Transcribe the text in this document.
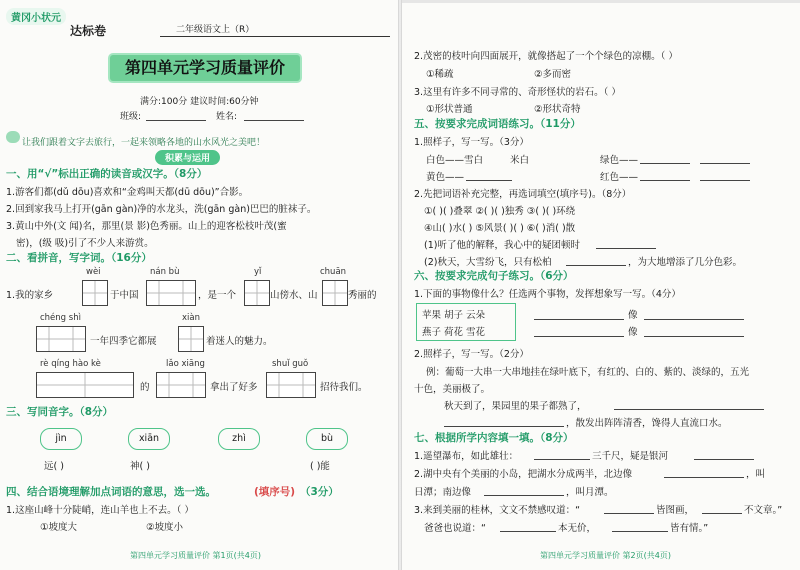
黄冈小状元
达标卷	二年级语文上（R）
第四单元学习质量评价
满分:100分 建议时间:60分钟
班级:	姓名:
让我们跟着文字去旅行，一起来领略各地的山水风光之美吧！
积累与运用
一、用“√”标出正确的读音或汉字。（8分）
1.游客们都(dǔ dōu)喜欢和“金鸡叫天都(dū dōu)”合影。
2.回到家我马上打开(gān gàn)净的水龙头，洗(gān gàn)巴巴的脏袜子。
3.黄山中外(文 闻)名，那里(景 影)色秀丽。山上的迎客松枝叶茂(蜜
密)，(级 吸)引了不少人来游赏。
二、看拼音，写字词。（16分）
wèi	nán bù	yǐ	chuān
1.我的家乡	于中国	，是一个	山傍水、山	秀丽的
chéng shì	xiàn
一年四季它都展	着迷人的魅力。
rè qíng hào kè	lǎo xiāng	shuǐ guǒ
的	拿出了好多	招待我们。
三、写同音字。（8分）
jìn	xiān	zhì	bù
远( )	神( )	( )能
四、结合语境理解加点词语的意思，选一选。	(填序号) （3分）
1.这座山峰十分陡峭，连山羊也上不去。（ ）
①坡度大	②坡度小
第四单元学习质量评价 第1页(共4页)
2.茂密的枝叶向四面展开，就像搭起了一个个绿色的凉棚。（ ）
①稀疏	②多而密
3.这里有许多不同寻常的、奇形怪状的岩石。（ ）
①形状普通	②形状奇特
五、按要求完成词语练习。（11分）
1.照样子，写一写。（3分）
白色——雪白	米白	绿色——
黄色——	红色——
2.先把词语补充完整，再选词填空(填序号)。（8分）
①( )( )叠翠 ②( )( )独秀 ③( )( )环绕
④山( )水( ) ⑤风景( )( ) ⑥( )消( )散
(1)听了他的解释，我心中的疑团顿时
(2)秋天，大雪纷飞，只有松柏	，为大地增添了几分色彩。
六、按要求完成句子练习。（6分）
1.下面的事物像什么？任选两个事物，发挥想象写一写。（4分）
苹果 胡子 云朵
燕子 荷花 雪花
像
像
2.照样子，写一写。（2分）
例：葡萄一大串一大串地挂在绿叶底下，有红的、白的、紫的、淡绿的，五光
十色，美丽极了。
秋天到了，果园里的果子都熟了，
，散发出阵阵清香，馋得人直流口水。
七、根据所学内容填一填。（8分）
1.遥望瀑布，如此雄壮：	三千尺，疑是银河
2.湖中央有个美丽的小岛，把湖水分成两半，北边像	，叫
日潭；南边像	，叫月潭。
3.来到美丽的桂林，文文不禁感叹道：“	皆图画，	不文章。”
爸爸也说道：“	本无价，	皆有情。”
第四单元学习质量评价 第2页(共4页)
